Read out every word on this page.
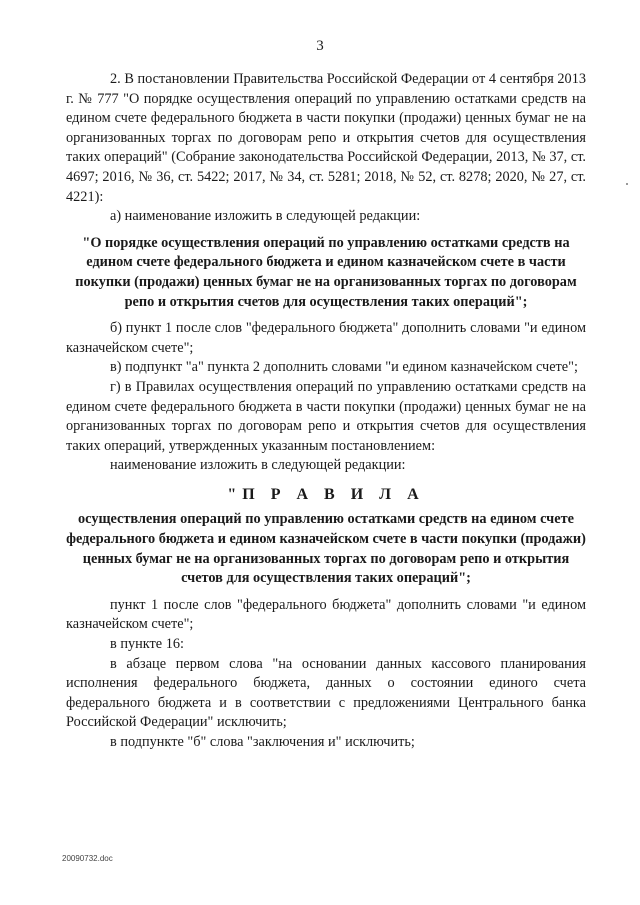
3

2. В постановлении Правительства Российской Федерации от 4 сентября 2013 г. № 777 "О порядке осуществления операций по управлению остатками средств на едином счете федерального бюджета в части покупки (продажи) ценных бумаг не на организованных торгах по договорам репо и открытия счетов для осуществления таких операций" (Собрание законодательства Российской Федерации, 2013, № 37, ст. 4697; 2016, № 36, ст. 5422; 2017, № 34, ст. 5281; 2018, № 52, ст. 8278; 2020, № 27, ст. 4221):

а) наименование изложить в следующей редакции:

"О порядке осуществления операций по управлению остатками средств на едином счете федерального бюджета и едином казначейском счете в части покупки (продажи) ценных бумаг не на организованных торгах по договорам репо и открытия счетов для осуществления таких операций";

б) пункт 1 после слов "федерального бюджета" дополнить словами "и едином казначейском счете";

в) подпункт "а" пункта 2 дополнить словами "и едином казначейском счете";

г) в Правилах осуществления операций по управлению остатками средств на едином счете федерального бюджета в части покупки (продажи) ценных бумаг не на организованных торгах по договорам репо и открытия счетов для осуществления таких операций, утвержденных указанным постановлением:

наименование изложить в следующей редакции:

"П Р А В И Л А

осуществления операций по управлению остатками средств на едином счете федерального бюджета и едином казначейском счете в части покупки (продажи) ценных бумаг не на организованных торгах по договорам репо и открытия счетов для осуществления таких операций";

пункт 1 после слов "федерального бюджета" дополнить словами "и едином казначейском счете";

в пункте 16:

в абзаце первом слова "на основании данных кассового планирования исполнения федерального бюджета, данных о состоянии единого счета федерального бюджета и в соответствии с предложениями Центрального банка Российской Федерации" исключить;

в подпункте "б" слова "заключения и" исключить;

20090732.doc
